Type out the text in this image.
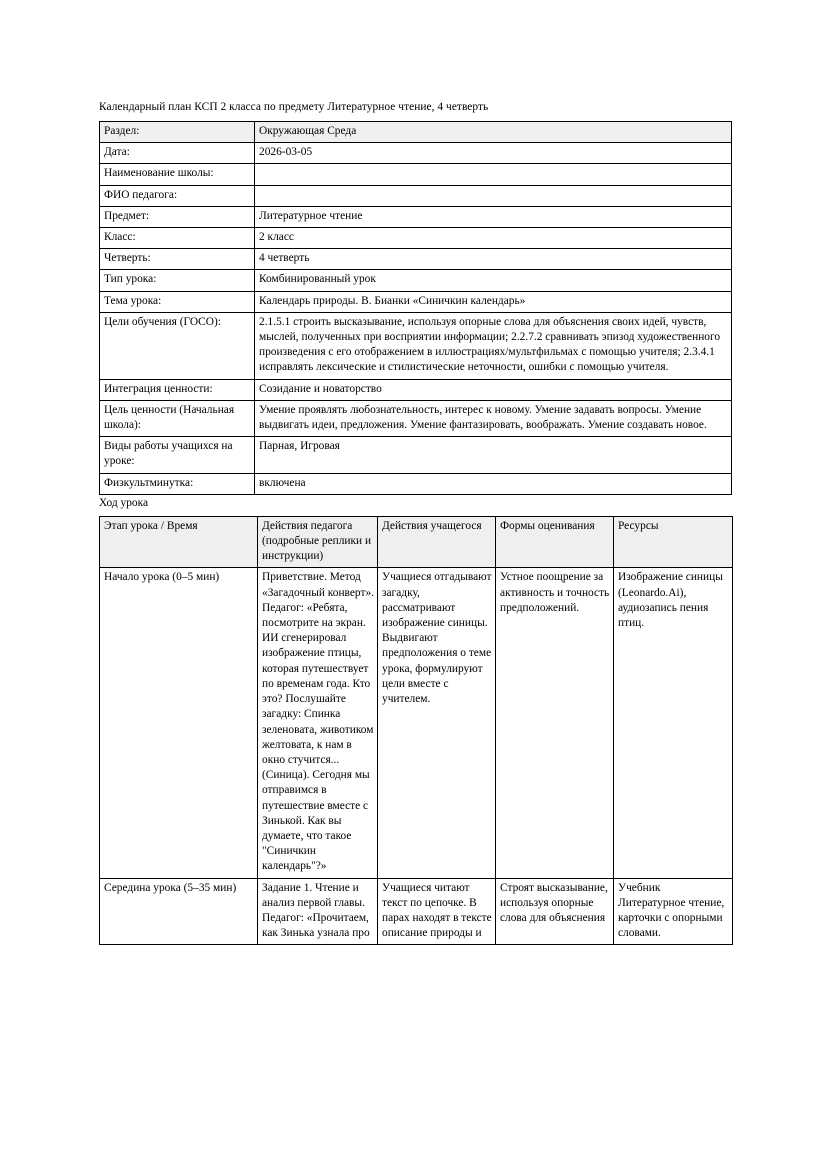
Календарный план КСП 2 класса по предмету Литературное чтение, 4 четверть
Раздел:	Окружающая Среда
Дата:	2026-03-05
Наименование школы:	
ФИО педагога:	
Предмет:	Литературное чтение
Класс:	2 класс
Четверть:	4 четверть
Тип урока:	Комбинированный урок
Тема урока:	Календарь природы. В. Бианки «Синичкин календарь»
Цели обучения (ГОСО):	2.1.5.1 строить высказывание, используя опорные слова для объяснения своих идей, чувств, мыслей, полученных при восприятии информации; 2.2.7.2 сравнивать эпизод художественного произведения с его отображением в иллюстрациях/мультфильмах с помощью учителя; 2.3.4.1 исправлять лексические и стилистические неточности, ошибки с помощью учителя.
Интеграция ценности:	Созидание и новаторство
Цель ценности (Начальная школа):	Умение проявлять любознательность, интерес к новому. Умение задавать вопросы. Умение выдвигать идеи, предложения. Умение фантазировать, воображать. Умение создавать новое.
Виды работы учащихся на уроке:	Парная, Игровая
Физкультминутка:	включена
Ход урока
Этап урока / Время	Действия педагога (подробные реплики и инструкции)	Действия учащегося	Формы оценивания	Ресурсы
Начало урока (0–5 мин)	Приветствие. Метод «Загадочный конверт». Педагог: «Ребята, посмотрите на экран. ИИ сгенерировал изображение птицы, которая путешествует по временам года. Кто это? Послушайте загадку: Спинка зеленовата, животиком желтовата, к нам в окно стучится... (Синица). Сегодня мы отправимся в путешествие вместе с Зинькой. Как вы думаете, что такое "Синичкин календарь"?»	Учащиеся отгадывают загадку, рассматривают изображение синицы. Выдвигают предположения о теме урока, формулируют цели вместе с учителем.	Устное поощрение за активность и точность предположений.	Изображение синицы (Leonardo.Ai), аудиозапись пения птиц.
Середина урока (5–35 мин)	Задание 1. Чтение и анализ первой главы. Педагог: «Прочитаем, как Зинька узнала про	Учащиеся читают текст по цепочке. В парах находят в тексте описание природы и	Строят высказывание, используя опорные слова для объяснения	Учебник Литературное чтение, карточки с опорными словами.
